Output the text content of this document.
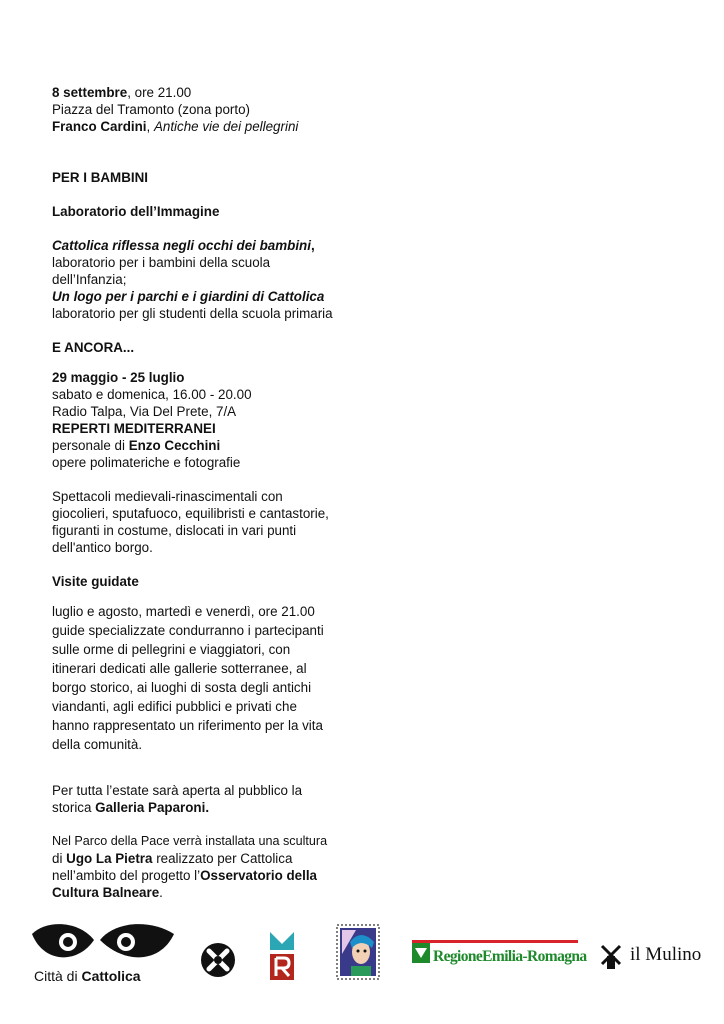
8 settembre, ore 21.00

Piazza del Tramonto (zona porto)

Franco Cardini, Antiche vie dei pellegrini

PER I BAMBINI

Laboratorio dell’Immagine

Cattolica riflessa negli occhi dei bambini,

laboratorio per i bambini della scuola

dell’Infanzia;

Un logo per i parchi e i giardini di Cattolica

laboratorio per gli studenti della scuola primaria

E ANCORA...

29 maggio - 25 luglio

sabato e domenica, 16.00 - 20.00

Radio Talpa, Via Del Prete, 7/A

REPERTI MEDITERRANEI

personale di Enzo Cecchini

opere polimateriche e fotografie

Spettacoli medievali-rinascimentali con

giocolieri, sputafuoco, equilibristi e cantastorie,

figuranti in costume, dislocati in vari punti

dell'antico borgo.

Visite guidate

luglio e agosto, martedì e venerdì, ore 21.00

guide specializzate condurranno i partecipanti

sulle orme di pellegrini e viaggiatori, con

itinerari dedicati alle gallerie sotterranee, al

borgo storico, ai luoghi di sosta degli antichi

viandanti, agli edifici pubblici e privati che

hanno rappresentato un riferimento per la vita

della comunità.

Per tutta l’estate sarà aperta al pubblico la

storica Galleria Paparoni.

Nel Parco della Pace verrà installata una scultura

di Ugo La Pietra realizzato per Cattolica

nell’ambito del progetto l’Osservatorio della

Cultura Balneare.

Città di Cattolica
RegioneEmilia-Romagna il Mulino
